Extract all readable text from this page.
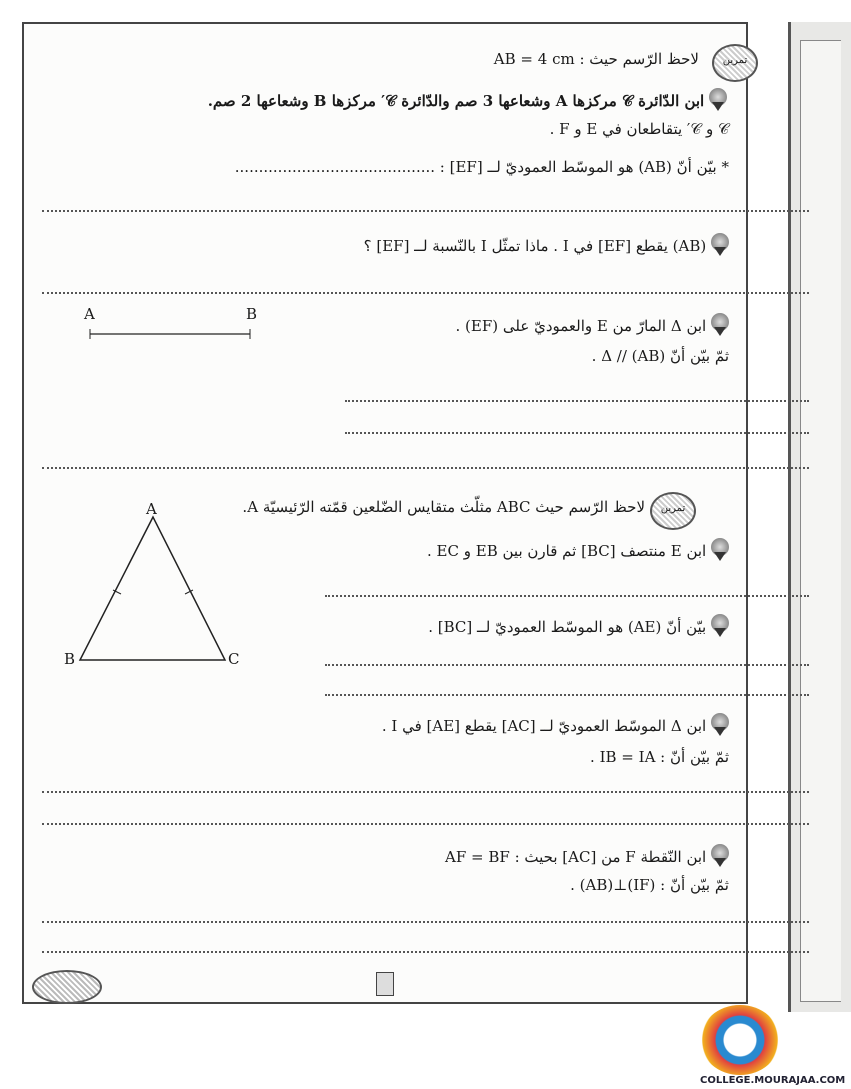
تمرين
لاحظ الرّسم حيث : AB = 4 cm
ابن الدّائرة 𝒞 مركزها A وشعاعها 3 صم والدّائرة 𝒞′ مركزها B وشعاعها 2 صم.
𝒞 و 𝒞′ يتقاطعان في E و F .
* بيّن أنّ (AB) هو الموسّط العموديّ لــ [EF] : ..........................................
(AB) يقطع [EF] في I . ماذا تمثّل I بالنّسبة لــ [EF] ؟
ابن Δ المارّ من E والعموديّ على (EF) .
ثمّ بيّن أنّ Δ // (AB) .
A	B
تمرين
لاحظ الرّسم حيث ABC مثلّث متقايس الضّلعين قمّته الرّئيسيّة A.
ابن E منتصف [BC] ثم قارن بين EB و EC .
بيّن أنّ (AE) هو الموسّط العموديّ لــ [BC] .
ابن Δ الموسّط العموديّ لــ [AC] يقطع [AE] في I .
ثمّ بيّن أنّ : IB = IA .
ابن النّقطة F من [AC] بحيث : AF = BF
ثمّ بيّن أنّ : (IF)⊥(AB) .
A
B	C
COLLEGE.MOURAJAA.COM
